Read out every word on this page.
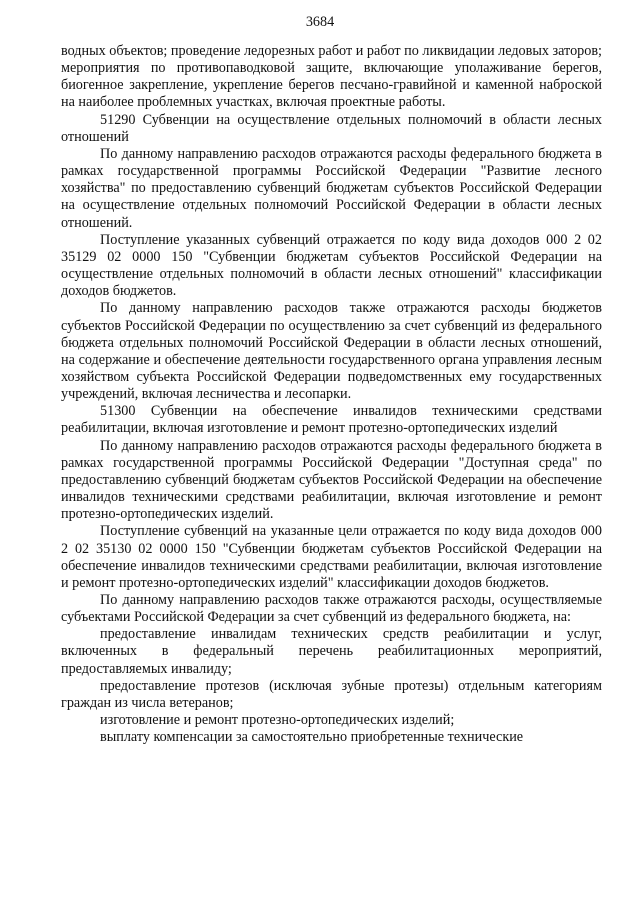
3684

водных объектов; проведение ледорезных работ и работ по ликвидации ледовых заторов; мероприятия по противопаводковой защите, включающие уполаживание берегов, биогенное закрепление, укрепление берегов песчано-гравийной и каменной наброской на наиболее проблемных участках, включая проектные работы.

51290 Субвенции на осуществление отдельных полномочий в области лесных отношений

По данному направлению расходов отражаются расходы федерального бюджета в рамках государственной программы Российской Федерации "Развитие лесного хозяйства" по предоставлению субвенций бюджетам субъектов Российской Федерации на осуществление отдельных полномочий Российской Федерации в области лесных отношений.

Поступление указанных субвенций отражается по коду вида доходов 000 2 02 35129 02 0000 150 "Субвенции бюджетам субъектов Российской Федерации на осуществление отдельных полномочий в области лесных отношений" классификации доходов бюджетов.

По данному направлению расходов также отражаются расходы бюджетов субъектов Российской Федерации по осуществлению за счет субвенций из федерального бюджета отдельных полномочий Российской Федерации в области лесных отношений, на содержание и обеспечение деятельности государственного органа управления лесным хозяйством субъекта Российской Федерации подведомственных ему государственных учреждений, включая лесничества и лесопарки.

51300 Субвенции на обеспечение инвалидов техническими средствами реабилитации, включая изготовление и ремонт протезно-ортопедических изделий

По данному направлению расходов отражаются расходы федерального бюджета в рамках государственной программы Российской Федерации "Доступная среда" по предоставлению субвенций бюджетам субъектов Российской Федерации на обеспечение инвалидов техническими средствами реабилитации, включая изготовление и ремонт протезно-ортопедических изделий.

Поступление субвенций на указанные цели отражается по коду вида доходов 000 2 02 35130 02 0000 150 "Субвенции бюджетам субъектов Российской Федерации на обеспечение инвалидов техническими средствами реабилитации, включая изготовление и ремонт протезно-ортопедических изделий" классификации доходов бюджетов.

По данному направлению расходов также отражаются расходы, осуществляемые субъектами Российской Федерации за счет субвенций из федерального бюджета, на:

предоставление инвалидам технических средств реабилитации и услуг, включенных в федеральный перечень реабилитационных мероприятий, предоставляемых инвалиду;

предоставление протезов (исключая зубные протезы) отдельным категориям граждан из числа ветеранов;

изготовление и ремонт протезно-ортопедических изделий;

выплату компенсации за самостоятельно приобретенные технические
